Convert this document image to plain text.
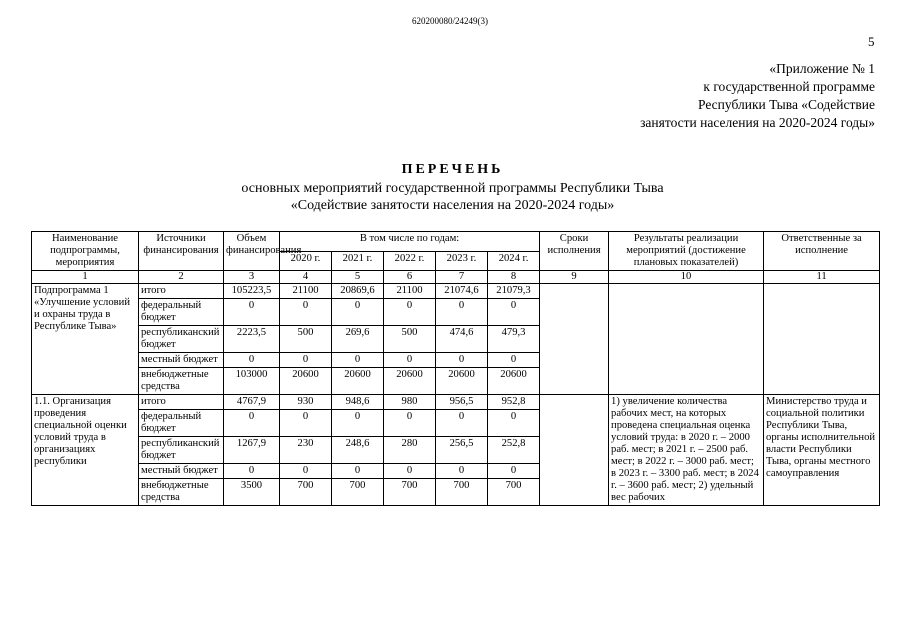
620200080/24249(3)
5
«Приложение № 1
к государственной программе
Республики Тыва «Содействие
занятости населения на 2020-2024 годы»
ПЕРЕЧЕНЬ
основных мероприятий государственной программы Республики Тыва
«Содействие занятости населения на 2020-2024 годы»
Наименование подпрограммы, мероприятия	Источники финансирования	Объем финансирования	В том числе по годам:					Сроки исполнения	Результаты реализации мероприятий (достижение плановых показателей)	Ответственные за исполнение
			2020 г.	2021 г.	2022 г.	2023 г.	2024 г.			
1	2	3	4	5	6	7	8	9	10	11
Подпрограмма 1 «Улучшение условий и охраны труда в Республике Тыва»	итого	105223,5	21100	20869,6	21100	21074,6	21079,3			
	федеральный бюджет	0	0	0	0	0	0			
	республиканский бюджет	2223,5	500	269,6	500	474,6	479,3			
	местный бюджет	0	0	0	0	0	0			
	внебюджетные средства	103000	20600	20600	20600	20600	20600			
1.1. Организация проведения специальной оценки условий труда в организациях республики	итого	4767,9	930	948,6	980	956,5	952,8		1) увеличение количества рабочих мест, на которых проведена специальная оценка условий труда: в 2020 г. – 2000 раб. мест; в 2021 г. – 2500 раб. мест; в 2022 г. – 3000 раб. мест; в 2023 г. – 3300 раб. мест; в 2024 г. – 3600 раб. мест; 2) удельный вес рабочих	Министерство труда и социальной политики Республики Тыва, органы исполнительной власти Республики Тыва, органы местного самоуправления
	федеральный бюджет	0	0	0	0	0	0			
	республиканский бюджет	1267,9	230	248,6	280	256,5	252,8			
	местный бюджет	0	0	0	0	0	0			
	внебюджетные средства	3500	700	700	700	700	700			
